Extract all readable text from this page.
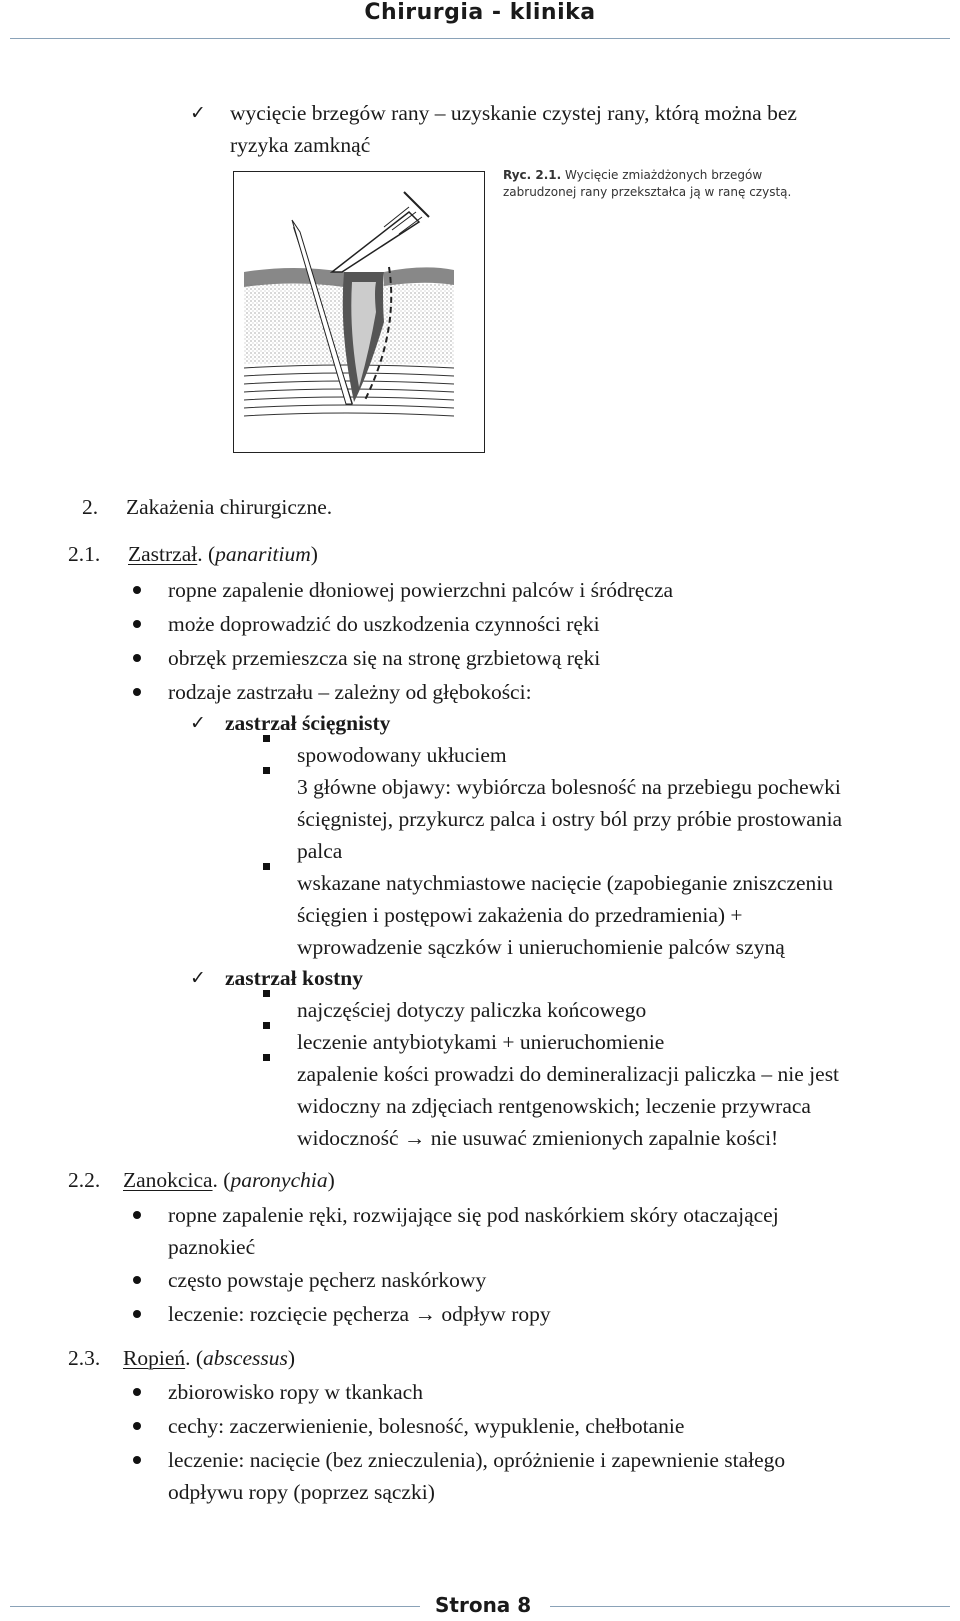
Chirurgia - klinika
✓ wycięcie brzegów rany – uzyskanie czystej rany, którą można bez
ryzyka zamknąć
Ryc. 2.1. Wycięcie zmiażdżonych brzegów zabrudzonej rany przekształca ją w ranę czystą.
2. Zakażenia chirurgiczne.
2.1. Zastrzał. (panaritium)
ropne zapalenie dłoniowej powierzchni palców i śródręcza
może doprowadzić do uszkodzenia czynności ręki
obrzęk przemieszcza się na stronę grzbietową ręki
rodzaje zastrzału – zależny od głębokości:
✓ zastrzał ścięgnisty
spowodowany ukłuciem
3 główne objawy: wybiórcza bolesność na przebiegu pochewki
ścięgnistej, przykurcz palca i ostry ból przy próbie prostowania
palca
wskazane natychmiastowe nacięcie (zapobieganie zniszczeniu
ścięgien i postępowi zakażenia do przedramienia) +
wprowadzenie sączków i unieruchomienie palców szyną
✓ zastrzał kostny
najczęściej dotyczy paliczka końcowego
leczenie antybiotykami + unieruchomienie
zapalenie kości prowadzi do demineralizacji paliczka – nie jest
widoczny na zdjęciach rentgenowskich; leczenie przywraca
widoczność → nie usuwać zmienionych zapalnie kości!
2.2. Zanokcica. (paronychia)
ropne zapalenie ręki, rozwijające się pod naskórkiem skóry otaczającej
paznokieć
często powstaje pęcherz naskórkowy
leczenie: rozcięcie pęcherza → odpływ ropy
2.3. Ropień. (abscessus)
zbiorowisko ropy w tkankach
cechy: zaczerwienienie, bolesność, wypuklenie, chełbotanie
leczenie: nacięcie (bez znieczulenia), opróżnienie i zapewnienie stałego
odpływu ropy (poprzez sączki)
Strona 8
